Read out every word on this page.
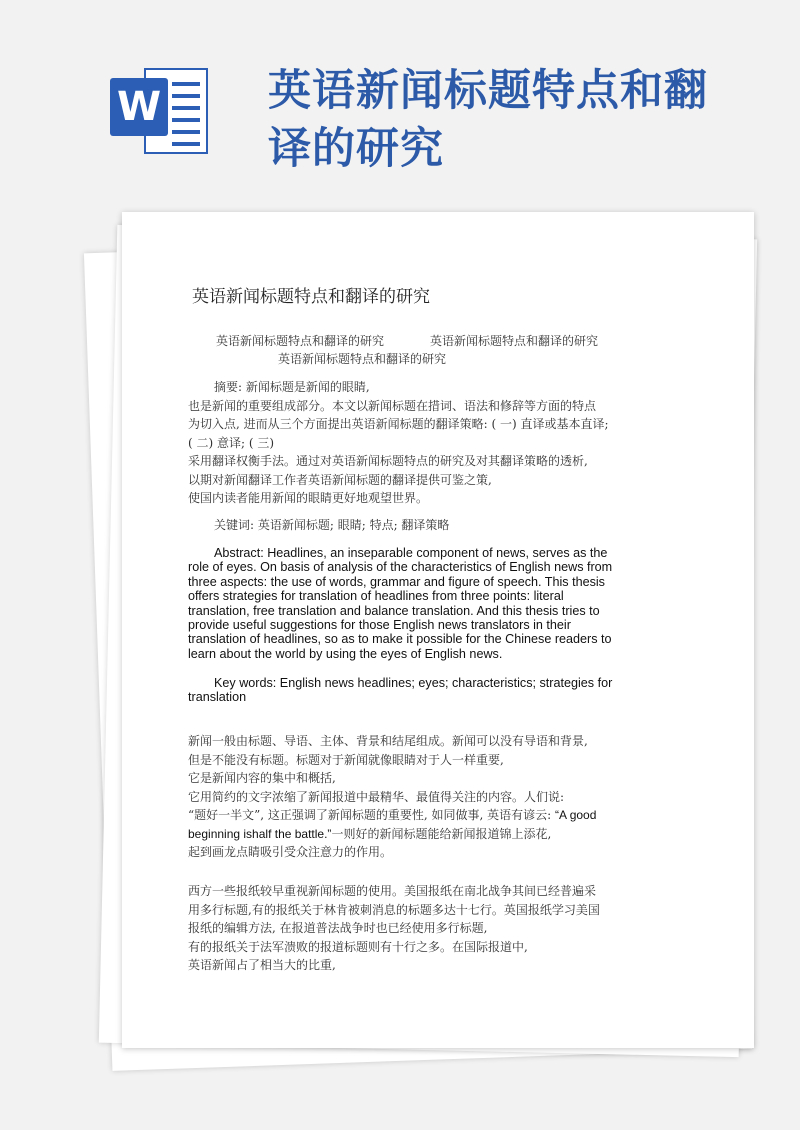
W 英语新闻标题特点和翻译的研究
英语新闻标题特点和翻译的研究
英语新闻标题特点和翻译的研究	英语新闻标题特点和翻译的研究
英语新闻标题特点和翻译的研究
摘要: 新闻标题是新闻的眼睛,
也是新闻的重要组成部分。本文以新闻标题在措词、语法和修辞等方面的特点
为切入点, 进而从三个方面提出英语新闻标题的翻译策略: ( 一) 直译或基本直译;
( 二) 意译; ( 三)
采用翻译权衡手法。通过对英语新闻标题特点的研究及对其翻译策略的透析,
以期对新闻翻译工作者英语新闻标题的翻译提供可鉴之策,
使国内读者能用新闻的眼睛更好地观望世界。
关键词: 英语新闻标题; 眼睛; 特点; 翻译策略
Abstract: Headlines, an inseparable component of news, serves as the
role of eyes. On basis of analysis of the characteristics of English news from
three aspects: the use of words, grammar and figure of speech. This thesis
offers strategies for translation of headlines from three points: literal
translation, free translation and balance translation. And this thesis tries to
provide useful suggestions for those English news translators in their
translation of headlines, so as to make it possible for the Chinese readers to
learn about the world by using the eyes of English news.
Key words: English news headlines; eyes; characteristics; strategies for
translation
新闻一般由标题、导语、主体、背景和结尾组成。新闻可以没有导语和背景,
但是不能没有标题。标题对于新闻就像眼睛对于人一样重要,
它是新闻内容的集中和概括,
它用简约的文字浓缩了新闻报道中最精华、最值得关注的内容。人们说:
“题好一半文”, 这正强调了新闻标题的重要性, 如同做事, 英语有谚云: “A good
beginning ishalf the battle.”一则好的新闻标题能给新闻报道锦上添花,
起到画龙点睛吸引受众注意力的作用。
西方一些报纸较早重视新闻标题的使用。美国报纸在南北战争其间已经普遍采
用多行标题,有的报纸关于林肯被刺消息的标题多达十七行。英国报纸学习美国
报纸的编辑方法, 在报道普法战争时也已经使用多行标题,
有的报纸关于法军溃败的报道标题则有十行之多。在国际报道中,
英语新闻占了相当大的比重,
